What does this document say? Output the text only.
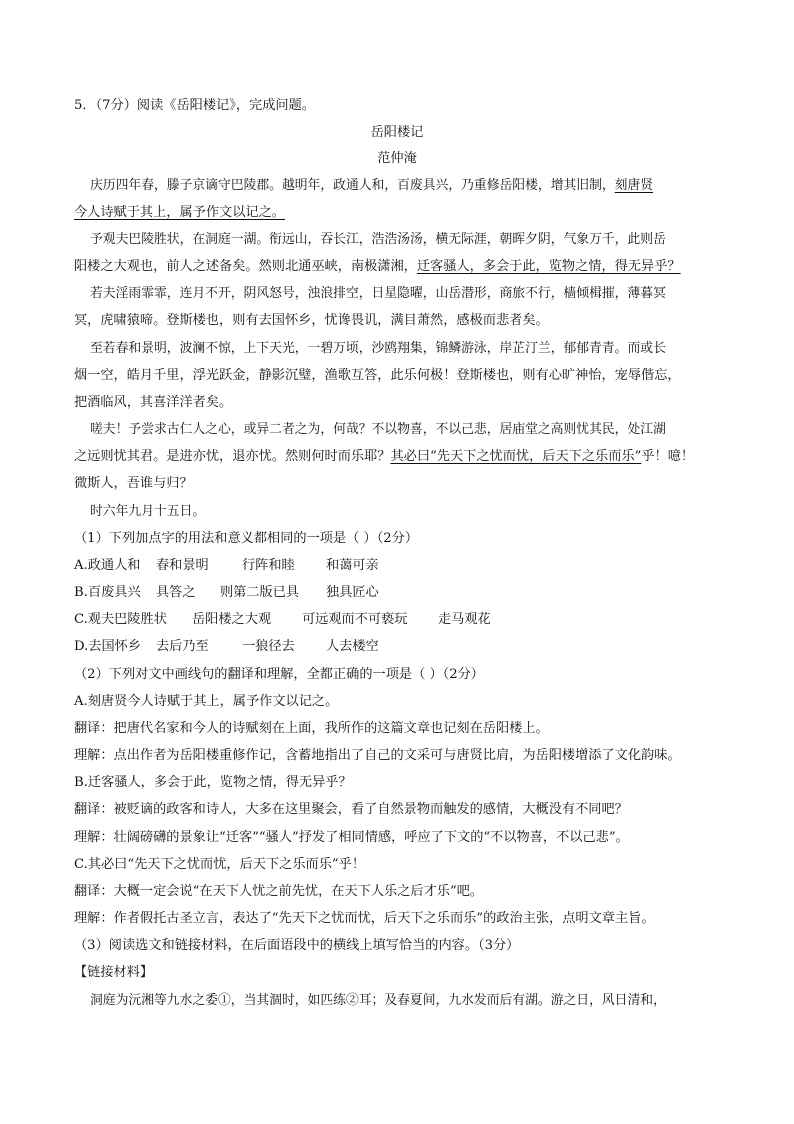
5．（7分）阅读《岳阳楼记》，完成问题。
岳阳楼记
范仲淹
庆历四年春，滕子京谪守巴陵郡。越明年，政通人和，百废具兴，乃重修岳阳楼，增其旧制，刻唐贤
今人诗赋于其上，属予作文以记之。
予观夫巴陵胜状，在洞庭一湖。衔远山，吞长江，浩浩汤汤，横无际涯，朝晖夕阴，气象万千，此则岳
阳楼之大观也，前人之述备矣。然则北通巫峡，南极潇湘，迁客骚人，多会于此，览物之情，得无异乎？
若夫淫雨霏霏，连月不开，阴风怒号，浊浪排空，日星隐曜，山岳潜形，商旅不行，樯倾楫摧，薄暮冥
冥，虎啸猿啼。登斯楼也，则有去国怀乡，忧谗畏讥，满目萧然，感极而悲者矣。
至若春和景明，波澜不惊，上下天光，一碧万顷，沙鸥翔集，锦鳞游泳，岸芷汀兰，郁郁青青。而或长
烟一空，皓月千里，浮光跃金，静影沉璧，渔歌互答，此乐何极！登斯楼也，则有心旷神怡，宠辱偕忘，
把酒临风，其喜洋洋者矣。
嗟夫！予尝求古仁人之心，或异二者之为，何哉？不以物喜，不以己悲，居庙堂之高则忧其民，处江湖
之远则忧其君。是进亦忧，退亦忧。然则何时而乐耶？其必曰“先天下之忧而忧，后天下之乐而乐”乎！噫！
微斯人，吾谁与归？
时六年九月十五日。
（1）下列加点字的用法和意义都相同的一项是（ ）（2分）
A.政通人和 春和景明	行阵和睦 和蔼可亲
B.百废具兴 具答之 则第二版已具 独具匠心
C.观夫巴陵胜状 岳阳楼之大观 可远观而不可亵玩 走马观花
D.去国怀乡 去后乃至	一狼径去 人去楼空
（2）下列对文中画线句的翻译和理解，全都正确的一项是（ ）（2分）
A.刻唐贤今人诗赋于其上，属予作文以记之。
翻译：把唐代名家和今人的诗赋刻在上面，我所作的这篇文章也记刻在岳阳楼上。
理解：点出作者为岳阳楼重修作记，含蓄地指出了自己的文采可与唐贤比肩，为岳阳楼增添了文化韵味。
B.迁客骚人，多会于此，览物之情，得无异乎？
翻译：被贬谪的政客和诗人，大多在这里聚会，看了自然景物而触发的感情，大概没有不同吧？
理解：壮阔磅礴的景象让“迁客”“骚人”抒发了相同情感，呼应了下文的“不以物喜，不以己悲”。
C.其必曰“先天下之忧而忧，后天下之乐而乐”乎！
翻译：大概一定会说“在天下人忧之前先忧，在天下人乐之后才乐”吧。
理解：作者假托古圣立言，表达了“先天下之忧而忧，后天下之乐而乐”的政治主张，点明文章主旨。
（3）阅读选文和链接材料，在后面语段中的横线上填写恰当的内容。（3分）
【链接材料】
洞庭为沅湘等九水之委①，当其涸时，如匹练②耳；及春夏间，九水发而后有湖。游之日，风日清和，
